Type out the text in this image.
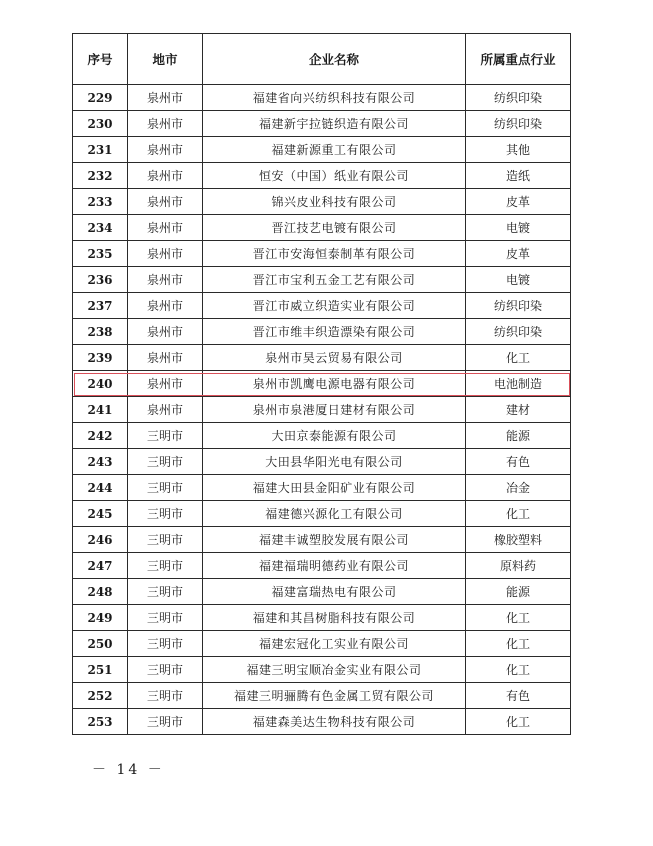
序号	地市	企业名称	所属重点行业
229	泉州市	福建省向兴纺织科技有限公司	纺织印染
230	泉州市	福建新宇拉链织造有限公司	纺织印染
231	泉州市	福建新源重工有限公司	其他
232	泉州市	恒安（中国）纸业有限公司	造纸
233	泉州市	锦兴皮业科技有限公司	皮革
234	泉州市	晋江技艺电镀有限公司	电镀
235	泉州市	晋江市安海恒泰制革有限公司	皮革
236	泉州市	晋江市宝利五金工艺有限公司	电镀
237	泉州市	晋江市威立织造实业有限公司	纺织印染
238	泉州市	晋江市维丰织造漂染有限公司	纺织印染
239	泉州市	泉州市昊云贸易有限公司	化工
240	泉州市	泉州市凯鹰电源电器有限公司	电池制造
241	泉州市	泉州市泉港厦日建材有限公司	建材
242	三明市	大田京泰能源有限公司	能源
243	三明市	大田县华阳光电有限公司	有色
244	三明市	福建大田县金阳矿业有限公司	冶金
245	三明市	福建德兴源化工有限公司	化工
246	三明市	福建丰诚塑胶发展有限公司	橡胶塑料
247	三明市	福建福瑞明德药业有限公司	原料药
248	三明市	福建富瑞热电有限公司	能源
249	三明市	福建和其昌树脂科技有限公司	化工
250	三明市	福建宏冠化工实业有限公司	化工
251	三明市	福建三明宝顺冶金实业有限公司	化工
252	三明市	福建三明骊腾有色金属工贸有限公司	有色
253	三明市	福建森美达生物科技有限公司	化工
－ 14 －
